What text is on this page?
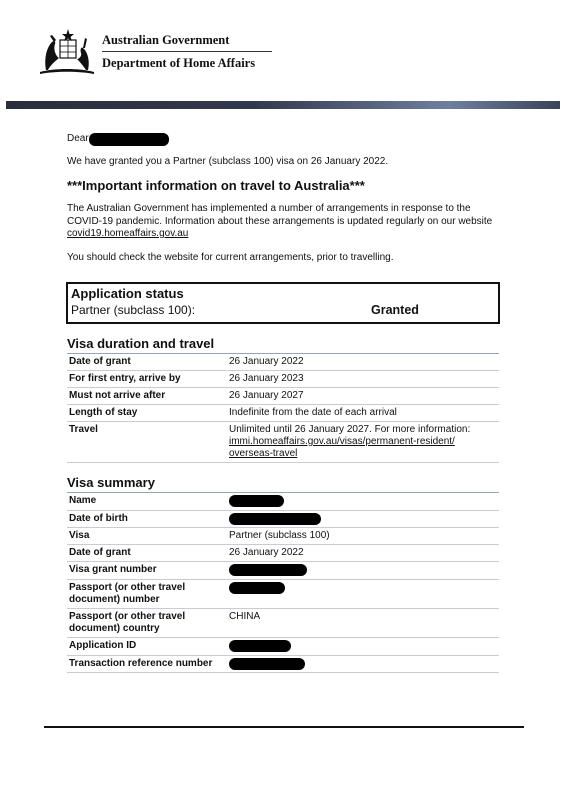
Australian Government
Department of Home Affairs
Dear
We have granted you a Partner (subclass 100) visa on 26 January 2022.
***Important information on travel to Australia***
The Australian Government has implemented a number of arrangements in response to the COVID-19 pandemic. Information about these arrangements is updated regularly on our website covid19.homeaffairs.gov.au
You should check the website for current arrangements, prior to travelling.
Application status
Partner (subclass 100):	Granted
Visa duration and travel
Date of grant	26 January 2022
For first entry, arrive by	26 January 2023
Must not arrive after	26 January 2027
Length of stay	Indefinite from the date of each arrival
Travel	Unlimited until 26 January 2027. For more information:
immi.homeaffairs.gov.au/visas/permanent-resident/ overseas-travel
Visa summary
Name	
Date of birth	
Visa	Partner (subclass 100)
Date of grant	26 January 2022
Visa grant number	
Passport (or other travel document) number	
Passport (or other travel document) country	CHINA
Application ID	
Transaction reference number	
